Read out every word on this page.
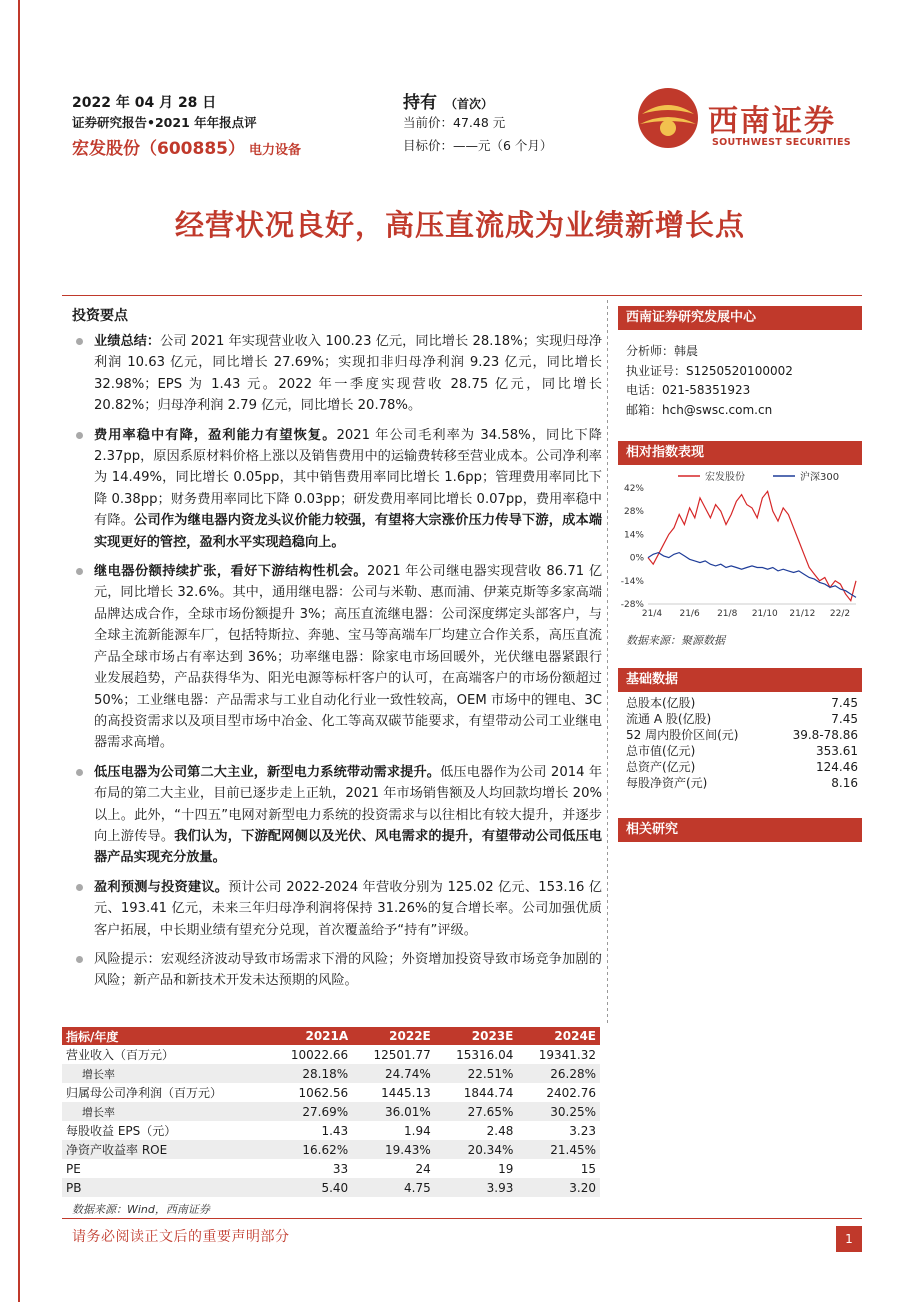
2022 年 04 月 28 日
证券研究报告•2021 年年报点评
宏发股份（600885） 电力设备
持有 （首次）
当前价：47.48 元
目标价：——元（6 个月）
西南证券
SOUTHWEST SECURITIES
经营状况良好，高压直流成为业绩新增长点
投资要点
业绩总结：公司 2021 年实现营业收入 100.23 亿元，同比增长 28.18%；实现归母净利润 10.63 亿元，同比增长 27.69%；实现扣非归母净利润 9.23 亿元，同比增长 32.98%；EPS 为 1.43 元。2022 年一季度实现营收 28.75 亿元，同比增长 20.82%；归母净利润 2.79 亿元，同比增长 20.78%。
费用率稳中有降，盈利能力有望恢复。2021 年公司毛利率为 34.58%，同比下降 2.37pp，原因系原材料价格上涨以及销售费用中的运输费转移至营业成本。公司净利率为 14.49%，同比增长 0.05pp，其中销售费用率同比增长 1.6pp；管理费用率同比下降 0.38pp；财务费用率同比下降 0.03pp；研发费用率同比增长 0.07pp，费用率稳中有降。公司作为继电器内资龙头议价能力较强，有望将大宗涨价压力传导下游，成本端实现更好的管控，盈利水平实现趋稳向上。
继电器份额持续扩张，看好下游结构性机会。2021 年公司继电器实现营收 86.71 亿元，同比增长 32.6%。其中，通用继电器：公司与米勒、惠而浦、伊莱克斯等多家高端品牌达成合作，全球市场份额提升 3%；高压直流继电器：公司深度绑定头部客户，与全球主流新能源车厂，包括特斯拉、奔驰、宝马等高端车厂均建立合作关系，高压直流产品全球市场占有率达到 36%；功率继电器：除家电市场回暖外，光伏继电器紧跟行业发展趋势，产品获得华为、阳光电源等标杆客户的认可，在高端客户的市场份额超过 50%；工业继电器：产品需求与工业自动化行业一致性较高，OEM 市场中的锂电、3C 的高投资需求以及项目型市场中冶金、化工等高双碳节能要求，有望带动公司工业继电器需求高增。
低压电器为公司第二大主业，新型电力系统带动需求提升。低压电器作为公司 2014 年布局的第二大主业，目前已逐步走上正轨，2021 年市场销售额及人均回款均增长 20%以上。此外，“十四五”电网对新型电力系统的投资需求与以往相比有较大提升，并逐步向上游传导。我们认为，下游配网侧以及光伏、风电需求的提升，有望带动公司低压电器产品实现充分放量。
盈利预测与投资建议。预计公司 2022-2024 年营收分别为 125.02 亿元、153.16 亿元、193.41 亿元，未来三年归母净利润将保持 31.26%的复合增长率。公司加强优质客户拓展，中长期业绩有望充分兑现，首次覆盖给予“持有”评级。
风险提示：宏观经济波动导致市场需求下滑的风险；外资增加投资导致市场竞争加剧的风险；新产品和新技术开发未达预期的风险。
西南证券研究发展中心
分析师：韩晨
执业证号：S1250520100002
电话：021-58351923
邮箱：hch@swsc.com.cn
相对指数表现
宏发股份	沪深300
42%
28%
14%
0%
-14%
-28%
21/4 21/6 21/8 21/10 21/12 22/2
数据来源：聚源数据
基础数据
总股本(亿股)	7.45
流通 A 股(亿股)	7.45
52 周内股价区间(元)	39.8-78.86
总市值(亿元)	353.61
总资产(亿元)	124.46
每股净资产(元)	8.16
相关研究
指标/年度	2021A	2022E	2023E	2024E
营业收入（百万元）	10022.66	12501.77	15316.04	19341.32
增长率	28.18%	24.74%	22.51%	26.28%
归属母公司净利润（百万元）	1062.56	1445.13	1844.74	2402.76
增长率	27.69%	36.01%	27.65%	30.25%
每股收益 EPS（元）	1.43	1.94	2.48	3.23
净资产收益率 ROE	16.62%	19.43%	20.34%	21.45%
PE	33	24	19	15
PB	5.40	4.75	3.93	3.20
数据来源：Wind，西南证券
请务必阅读正文后的重要声明部分	1
